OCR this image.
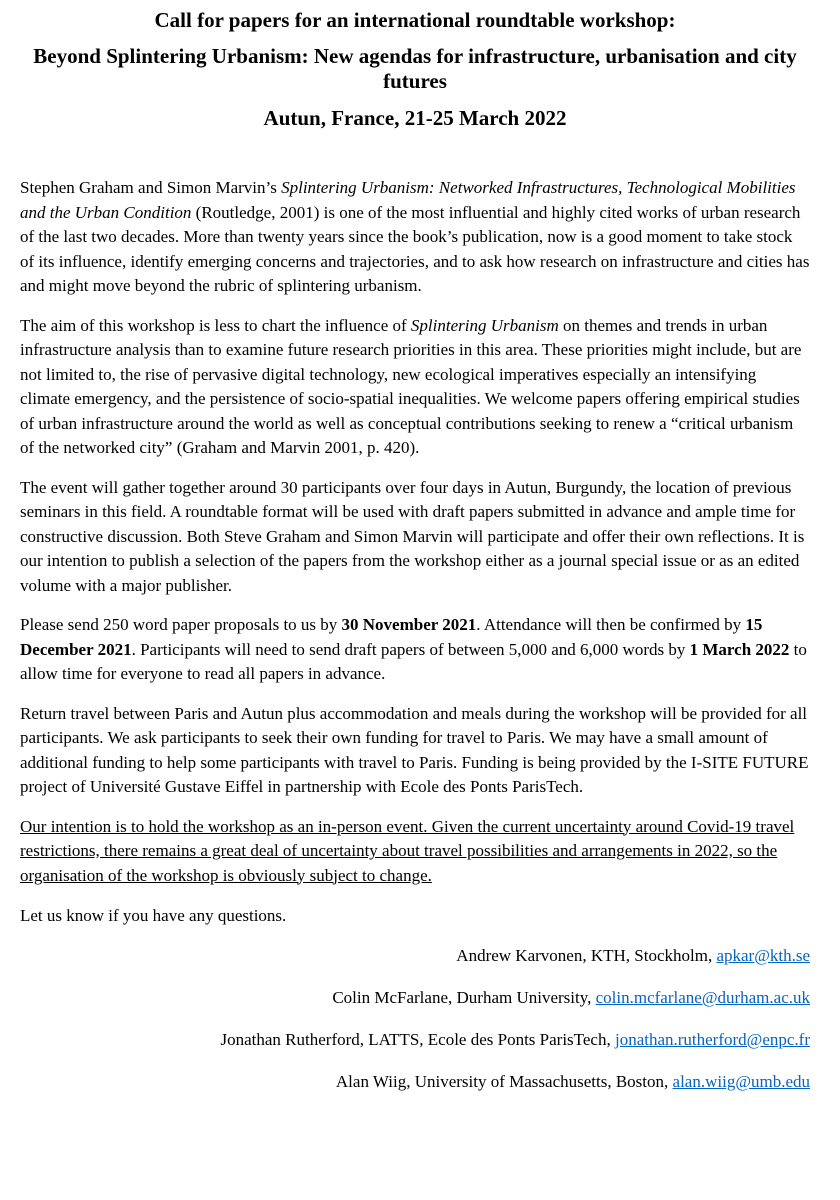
Call for papers for an international roundtable workshop:

Beyond Splintering Urbanism: New agendas for infrastructure, urbanisation and city futures

Autun, France, 21-25 March 2022

Stephen Graham and Simon Marvin’s Splintering Urbanism: Networked Infrastructures, Technological Mobilities and the Urban Condition (Routledge, 2001) is one of the most influential and highly cited works of urban research of the last two decades. More than twenty years since the book’s publication, now is a good moment to take stock of its influence, identify emerging concerns and trajectories, and to ask how research on infrastructure and cities has and might move beyond the rubric of splintering urbanism.

The aim of this workshop is less to chart the influence of Splintering Urbanism on themes and trends in urban infrastructure analysis than to examine future research priorities in this area. These priorities might include, but are not limited to, the rise of pervasive digital technology, new ecological imperatives especially an intensifying climate emergency, and the persistence of socio-spatial inequalities. We welcome papers offering empirical studies of urban infrastructure around the world as well as conceptual contributions seeking to renew a “critical urbanism of the networked city” (Graham and Marvin 2001, p. 420).

The event will gather together around 30 participants over four days in Autun, Burgundy, the location of previous seminars in this field. A roundtable format will be used with draft papers submitted in advance and ample time for constructive discussion. Both Steve Graham and Simon Marvin will participate and offer their own reflections. It is our intention to publish a selection of the papers from the workshop either as a journal special issue or as an edited volume with a major publisher.

Please send 250 word paper proposals to us by 30 November 2021. Attendance will then be confirmed by 15 December 2021. Participants will need to send draft papers of between 5,000 and 6,000 words by 1 March 2022 to allow time for everyone to read all papers in advance.

Return travel between Paris and Autun plus accommodation and meals during the workshop will be provided for all participants. We ask participants to seek their own funding for travel to Paris. We may have a small amount of additional funding to help some participants with travel to Paris. Funding is being provided by the I-SITE FUTURE project of Université Gustave Eiffel in partnership with Ecole des Ponts ParisTech.

Our intention is to hold the workshop as an in-person event. Given the current uncertainty around Covid-19 travel restrictions, there remains a great deal of uncertainty about travel possibilities and arrangements in 2022, so the organisation of the workshop is obviously subject to change.

Let us know if you have any questions.

Andrew Karvonen, KTH, Stockholm, apkar@kth.se

Colin McFarlane, Durham University, colin.mcfarlane@durham.ac.uk

Jonathan Rutherford, LATTS, Ecole des Ponts ParisTech, jonathan.rutherford@enpc.fr

Alan Wiig, University of Massachusetts, Boston, alan.wiig@umb.edu
